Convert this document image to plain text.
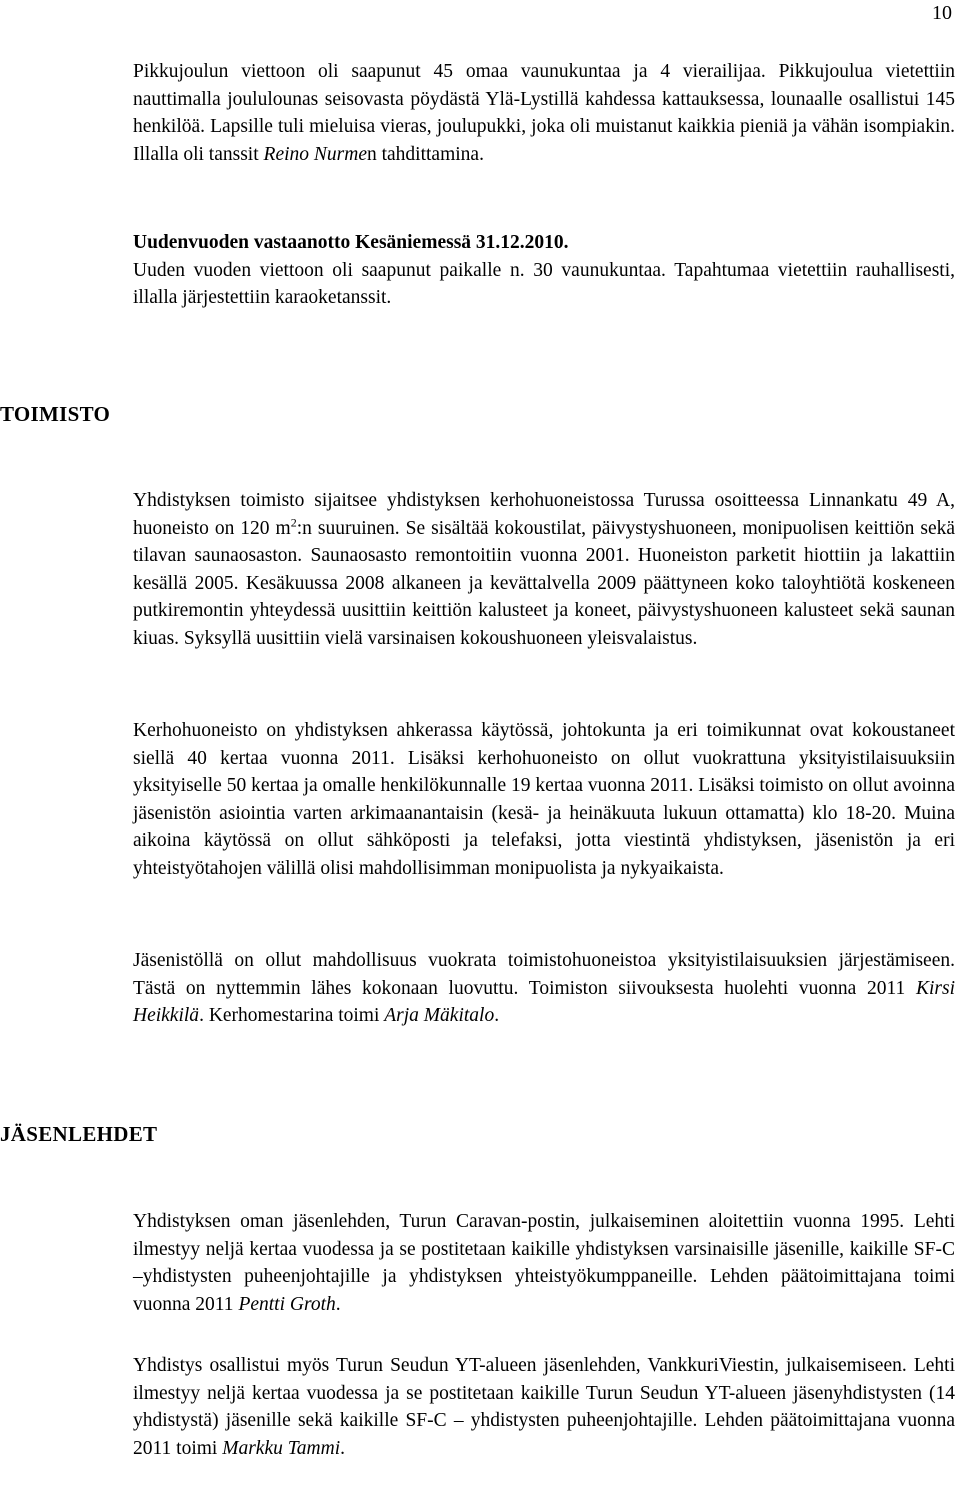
10

Pikkujoulun viettoon oli saapunut 45 omaa vaunukuntaa ja 4 vierailijaa. Pikkujoulua vietettiin nauttimalla joululounas seisovasta pöydästä Ylä-Lystillä kahdessa kattauksessa, lounaalle osallistui 145 henkilöä. Lapsille tuli mieluisa vieras, joulupukki, joka oli muistanut kaikkia pieniä ja vähän isompiakin. Illalla oli tanssit Reino Nurmen tahdittamina.

Uudenvuoden vastaanotto Kesäniemessä 31.12.2010.

Uuden vuoden viettoon oli saapunut paikalle n. 30 vaunukuntaa. Tapahtumaa vietettiin rauhallisesti, illalla järjestettiin karaoketanssit.

TOIMISTO

Yhdistyksen toimisto sijaitsee yhdistyksen kerhohuoneistossa Turussa osoitteessa Linnankatu 49 A, huoneisto on 120 $m^2:n$ suuruinen. Se sisältää kokoustilat, päivystyshuoneen, monipuolisen keittiön sekä tilavan saunaosaston. Saunaosasto remontoitiin vuonna 2001. Huoneiston parketit hiottiin ja lakattiin kesällä 2005. Kesäkuussa 2008 alkaneen ja kevättalvella 2009 päättyneen koko taloyhtiötä koskeneen putkiremontin yhteydessä uusittiin keittiön kalusteet ja koneet, päivystyshuoneen kalusteet sekä saunan kiuas. Syksyllä uusittiin vielä varsinaisen kokoushuoneen yleisvalaistus.

Kerhohuoneisto on yhdistyksen ahkerassa käytössä, johtokunta ja eri toimikunnat ovat kokoustaneet siellä 40 kertaa vuonna 2011. Lisäksi kerhohuoneisto on ollut vuokrattuna yksityistilaisuuksiin yksityiselle 50 kertaa ja omalle henkilökunnalle 19 kertaa vuonna 2011. Lisäksi toimisto on ollut avoinna jäsenistön asiointia varten arkimaanantaisin (kesä- ja heinäkuuta lukuun ottamatta) klo 18-20. Muina aikoina käytössä on ollut sähköposti ja telefaksi, jotta viestintä yhdistyksen, jäsenistön ja eri yhteistyötahojen välillä olisi mahdollisimman monipuolista ja nykyaikaista.

Jäsenistöllä on ollut mahdollisuus vuokrata toimistohuoneistoa yksityistilaisuuksien järjestämiseen. Tästä on nyttemmin lähes kokonaan luovuttu. Toimiston siivouksesta huolehti vuonna 2011 Kirsi Heikkilä. Kerhomestarina toimi Arja Mäkitalo.

JÄSENLEHDET

Yhdistyksen oman jäsenlehden, Turun Caravan-postin, julkaiseminen aloitettiin vuonna 1995. Lehti ilmestyy neljä kertaa vuodessa ja se postitetaan kaikille yhdistyksen varsinaisille jäsenille, kaikille SF-C –yhdistysten puheenjohtajille ja yhdistyksen yhteistyökumppaneille. Lehden päätoimittajana toimi vuonna 2011 Pentti Groth.

Yhdistys osallistui myös Turun Seudun YT-alueen jäsenlehden, VankkuriViestin, julkaisemiseen. Lehti ilmestyy neljä kertaa vuodessa ja se postitetaan kaikille Turun Seudun YT-alueen jäsenyhdistysten (14 yhdistystä) jäsenille sekä kaikille SF-C – yhdistysten puheenjohtajille. Lehden päätoimittajana vuonna 2011 toimi Markku Tammi.
